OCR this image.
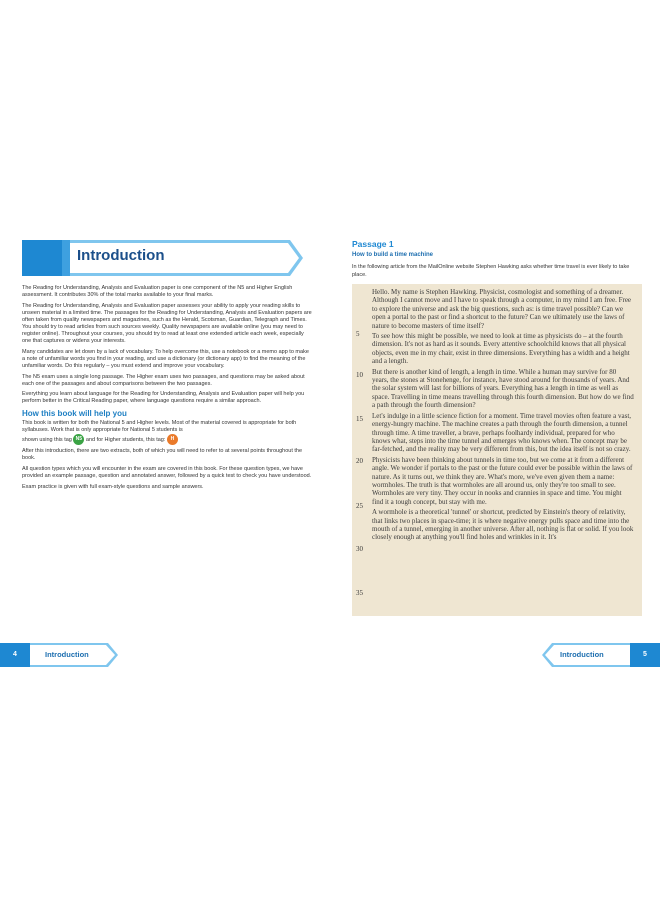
Introduction

The Reading for Understanding, Analysis and Evaluation paper is one component of the N5 and Higher English assessment. It contributes 30% of the total marks available to your final marks.

The Reading for Understanding, Analysis and Evaluation paper assesses your ability to apply your reading skills to unseen material in a limited time. The passages for the Reading for Understanding, Analysis and Evaluation papers are often taken from quality newspapers and magazines, such as the Herald, Scotsman, Guardian, Telegraph and Times. You should try to read articles from such sources weekly. Quality newspapers are available online (you may need to register online). Throughout your courses, you should try to read at least one extended article each week, especially one that captures or widens your interests.

Many candidates are let down by a lack of vocabulary. To help overcome this, use a notebook or a memo app to make a note of unfamiliar words you find in your reading, and use a dictionary (or dictionary app) to find the meaning of the unfamiliar words. Do this regularly – you must extend and improve your vocabulary.

The N5 exam uses a single long passage. The Higher exam uses two passages, and questions may be asked about each one of the passages and about comparisons between the two passages.

Everything you learn about language for the Reading for Understanding, Analysis and Evaluation paper will help you perform better in the Critical Reading paper, where language questions require a similar approach.

How this book will help you

This book is written for both the National 5 and Higher levels. Most of the material covered is appropriate for both syllabuses. Work that is only appropriate for National 5 students is
shown using this tag N5 and for Higher students, this tag: H

After this introduction, there are two extracts, both of which you will need to refer to at several points throughout the book.

All question types which you will encounter in the exam are covered in this book. For these question types, we have provided an example passage, question and annotated answer, followed by a quick test to check you have understood.

Exam practice is given with full exam-style questions and sample answers.

4	Introduction
Passage 1
How to build a time machine
In the following article from the MailOnline website Stephen Hawking asks whether time travel is ever likely to take place.

Hello. My name is Stephen Hawking. Physicist, cosmologist and something of a dreamer. Although I cannot move and I have to speak through a computer, in my mind I am free. Free to explore the universe and ask the big questions, such as: is time travel possible? Can we open a portal to the past or find a shortcut to the future? Can we ultimately use the laws of nature to become masters of time itself?

To see how this might be possible, we need to look at time as physicists do – at the fourth dimension. It's not as hard as it sounds. Every attentive schoolchild knows that all physical objects, even me in my chair, exist in three dimensions. Everything has a width and a height and a length.

But there is another kind of length, a length in time. While a human may survive for 80 years, the stones at Stonehenge, for instance, have stood around for thousands of years. And the solar system will last for billions of years. Everything has a length in time as well as space. Travelling in time means travelling through this fourth dimension. But how do we find a path through the fourth dimension?

Let's indulge in a little science fiction for a moment. Time travel movies often feature a vast, energy-hungry machine. The machine creates a path through the fourth dimension, a tunnel through time. A time traveller, a brave, perhaps foolhardy individual, prepared for who knows what, steps into the time tunnel and emerges who knows when. The concept may be far-fetched, and the reality may be very different from this, but the idea itself is not so crazy.

Physicists have been thinking about tunnels in time too, but we come at it from a different angle. We wonder if portals to the past or the future could ever be possible within the laws of nature. As it turns out, we think they are. What's more, we've even given them a name: wormholes. The truth is that wormholes are all around us, only they're too small to see. Wormholes are very tiny. They occur in nooks and crannies in space and time. You might find it a tough concept, but stay with me.

A wormhole is a theoretical 'tunnel' or shortcut, predicted by Einstein's theory of relativity, that links two places in space-time; it is where negative energy pulls space and time into the mouth of a tunnel, emerging in another universe. After all, nothing is flat or solid. If you look closely enough at anything you'll find holes and wrinkles in it. It's

5
10
15
20
25
30
35
Introduction	5
